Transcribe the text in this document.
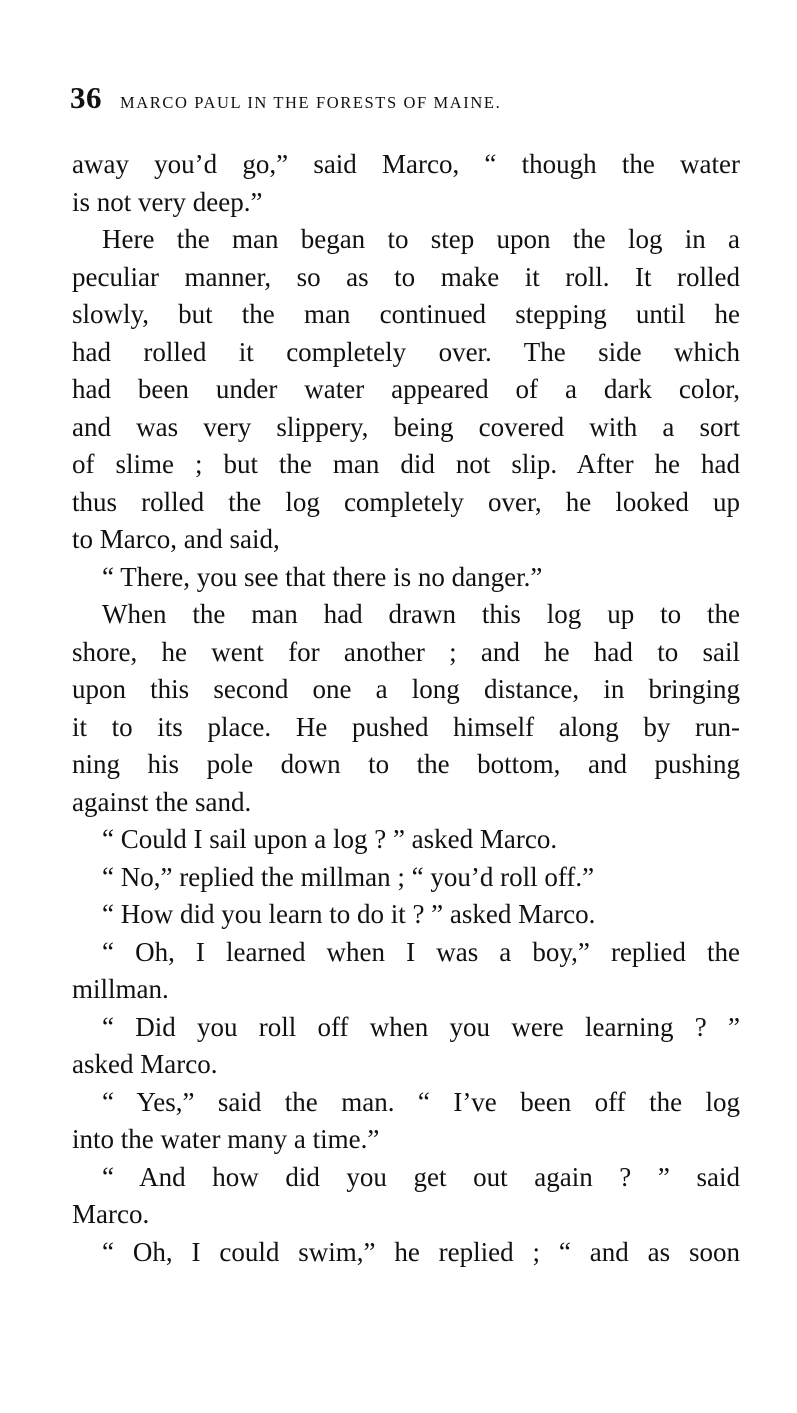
36 MARCO PAUL IN THE FORESTS OF MAINE.
away you’d go,” said Marco, “ though the water
is not very deep.”
Here the man began to step upon the log in a
peculiar manner, so as to make it roll. It rolled
slowly, but the man continued stepping until he
had rolled it completely over. The side which
had been under water appeared of a dark color,
and was very slippery, being covered with a sort
of slime ; but the man did not slip. After he had
thus rolled the log completely over, he looked up
to Marco, and said,
“ There, you see that there is no danger.”
When the man had drawn this log up to the
shore, he went for another ; and he had to sail
upon this second one a long distance, in bringing
it to its place. He pushed himself along by run-
ning his pole down to the bottom, and pushing
against the sand.
“ Could I sail upon a log ? ” asked Marco.
“ No,” replied the millman ; “ you’d roll off.”
“ How did you learn to do it ? ” asked Marco.
“ Oh, I learned when I was a boy,” replied the
millman.
“ Did you roll off when you were learning ? ”
asked Marco.
“ Yes,” said the man. “ I’ve been off the log
into the water many a time.”
“ And how did you get out again ? ” said
Marco.
“ Oh, I could swim,” he replied ; “ and as soon
